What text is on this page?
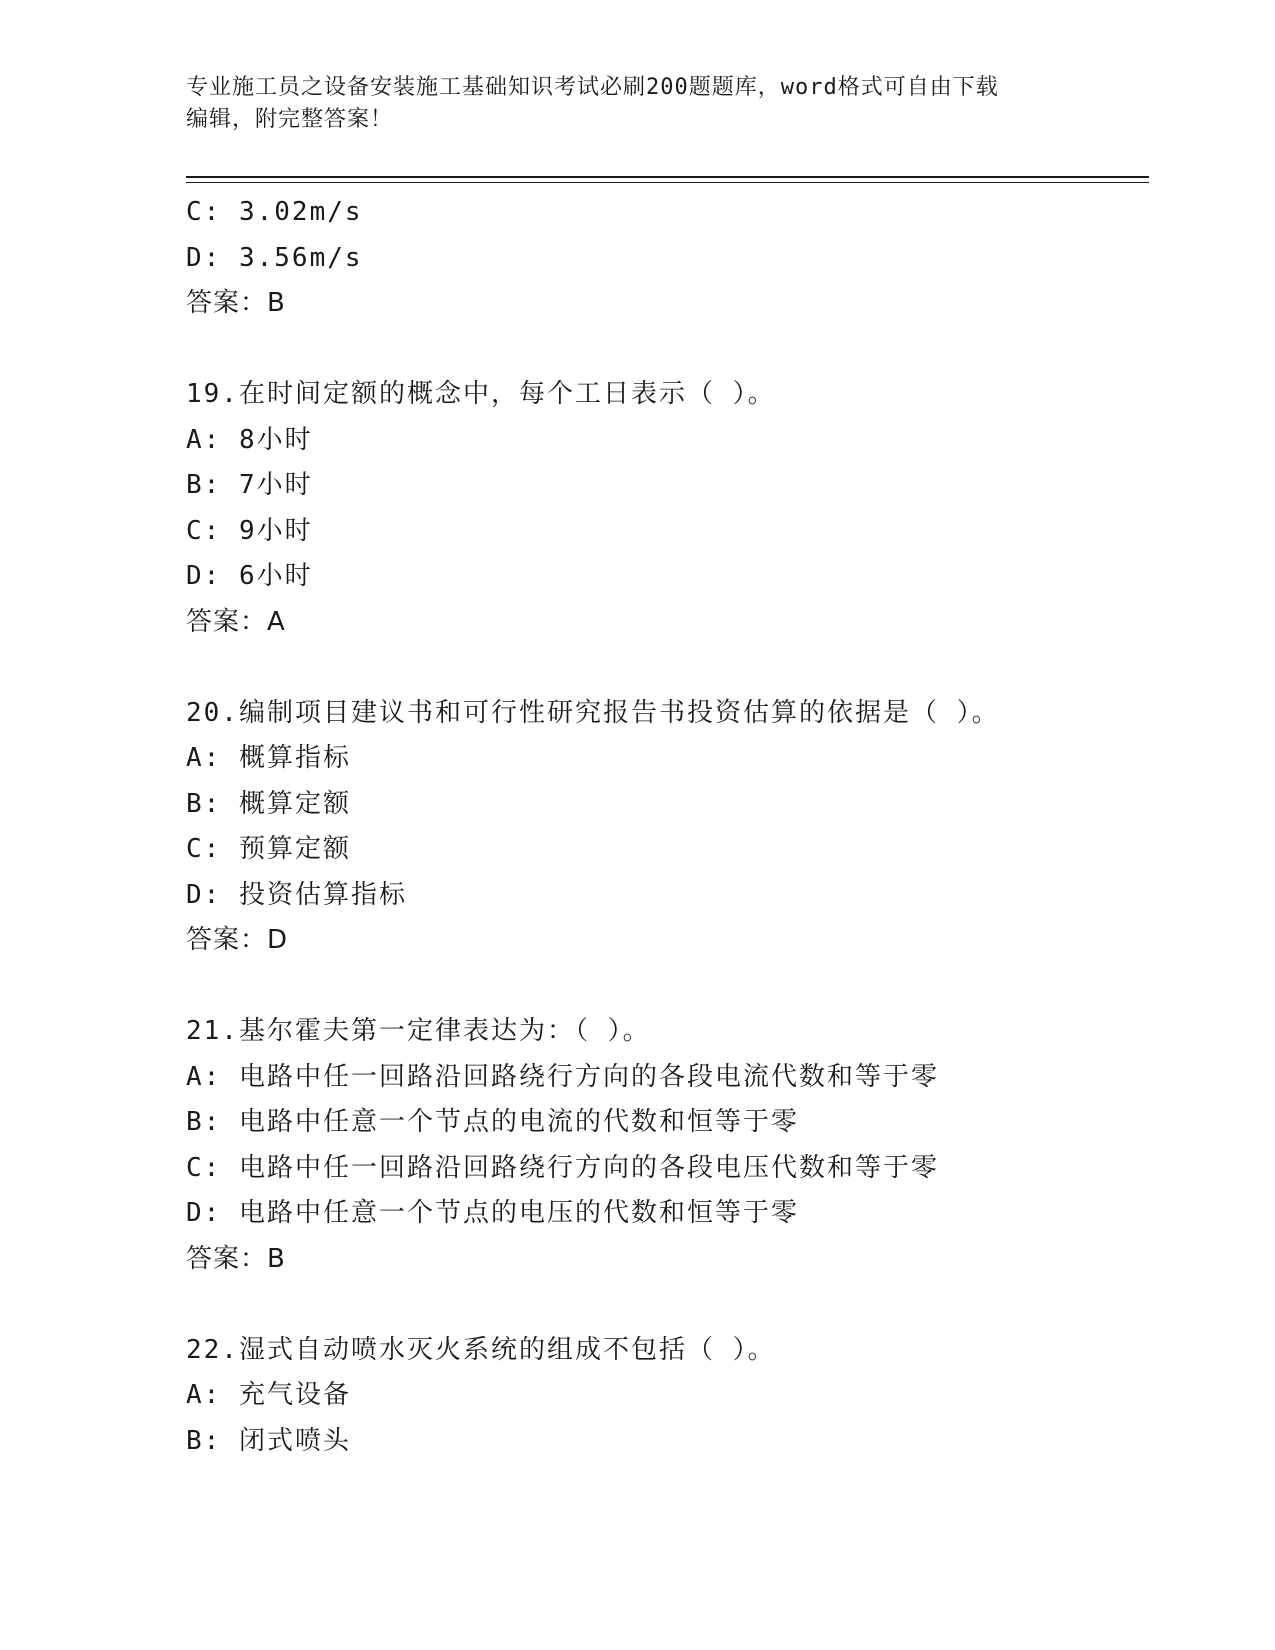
专业施工员之设备安装施工基础知识考试必刷200题题库，word格式可自由下载
编辑，附完整答案！
C: 3.02m/s
D: 3.56m/s
答案：B
19.在时间定额的概念中，每个工日表示（ ）。
A: 8小时
B: 7小时
C: 9小时
D: 6小时
答案：A
20.编制项目建议书和可行性研究报告书投资估算的依据是（ ）。
A: 概算指标
B: 概算定额
C: 预算定额
D: 投资估算指标
答案：D
21.基尔霍夫第一定律表达为：（ ）。
A: 电路中任一回路沿回路绕行方向的各段电流代数和等于零
B: 电路中任意一个节点的电流的代数和恒等于零
C: 电路中任一回路沿回路绕行方向的各段电压代数和等于零
D: 电路中任意一个节点的电压的代数和恒等于零
答案：B
22.湿式自动喷水灭火系统的组成不包括（ ）。
A: 充气设备
B: 闭式喷头
